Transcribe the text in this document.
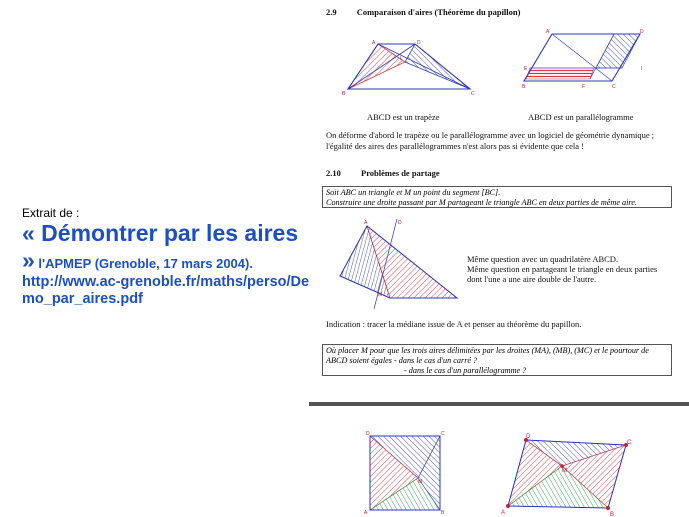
Extrait de :
« Démontrer par les aires » l'APMEP (Grenoble, 17 mars 2004).
http://www.ac-grenoble.fr/maths/perso/Demo_par_aires.pdf
2.9 Comparaison d'aires (Théorème du papillon)
A	D
B	C
I
A	D
B	C
E
F
I
ABCD est un trapèze	ABCD est un parallélogramme
On déforme d'abord le trapèze ou le parallélogramme avec un logiciel de géométrie dynamique ;
l'égalité des aires des parallélogrammes n'est alors pas si évidente que cela !
2.10 Problèmes de partage
Soit ABC un triangle et M un point du segment [BC].
Construire une droite passant par M partageant le triangle ABC en deux parties de même aire.
A	D
M
Même question avec un quadrilatère ABCD.
Même question en partageant le triangle en deux parties
dont l'une a une aire double de l'autre.
Indication : tracer la médiane issue de A et penser au théorème du papillon.
Où placer M pour que les trois aires délimitées par les droites (MA), (MB), (MC) et le pourtour de
ABCD soient égales - dans le cas d'un carré ?
- dans le cas d'un parallélogramme ?
D	C
A	B
M
D
C
A	B
M
